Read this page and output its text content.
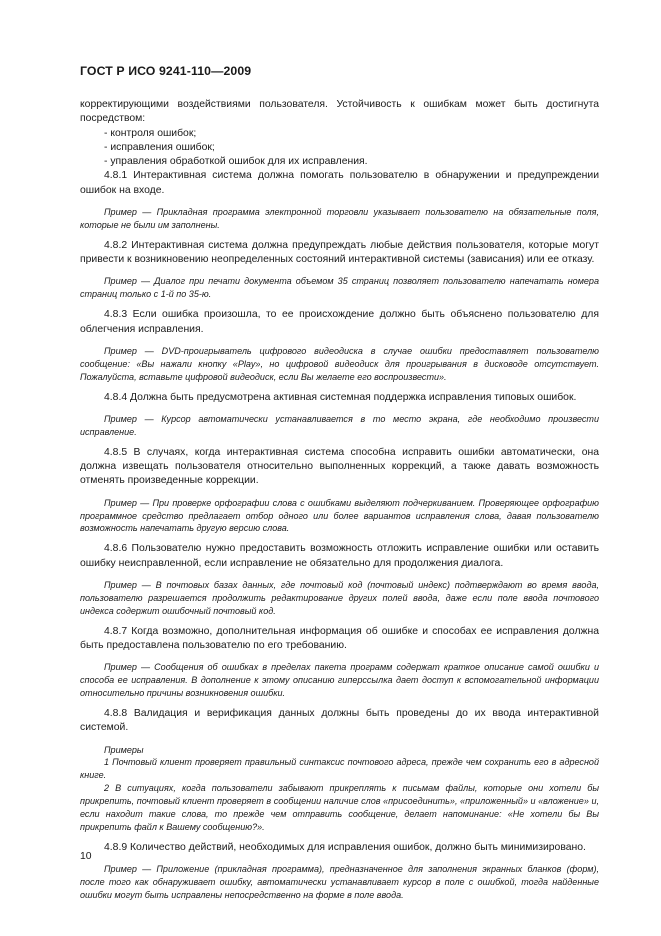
ГОСТ Р ИСО 9241-110—2009

корректирующими воздействиями пользователя. Устойчивость к ошибкам может быть достигнута посредством:

- контроля ошибок;

- исправления ошибок;

- управления обработкой ошибок для их исправления.

4.8.1 Интерактивная система должна помогать пользователю в обнаружении и предупреждении ошибок на входе.

Пример — Прикладная программа электронной торговли указывает пользователю на обязательные поля, которые не были им заполнены.

4.8.2 Интерактивная система должна предупреждать любые действия пользователя, которые могут привести к возникновению неопределенных состояний интерактивной системы (зависания) или ее отказу.

Пример — Диалог при печати документа объемом 35 страниц позволяет пользователю напечатать номера страниц только с 1-й по 35-ю.

4.8.3 Если ошибка произошла, то ее происхождение должно быть объяснено пользователю для облегчения исправления.

Пример — DVD-проигрыватель цифрового видеодиска в случае ошибки предоставляет пользователю сообщение: «Вы нажали кнопку «Play», но цифровой видеодиск для проигрывания в дисководе отсутствует. Пожалуйста, вставьте цифровой видеодиск, если Вы желаете его воспроизвести».

4.8.4 Должна быть предусмотрена активная системная поддержка исправления типовых ошибок.

Пример — Курсор автоматически устанавливается в то место экрана, где необходимо произвести исправление.

4.8.5 В случаях, когда интерактивная система способна исправить ошибки автоматически, она должна извещать пользователя относительно выполненных коррекций, а также давать возможность отменять произведенные коррекции.

Пример — При проверке орфографии слова с ошибками выделяют подчеркиванием. Проверяющее орфографию программное средство предлагает отбор одного или более вариантов исправления слова, давая пользователю возможность напечатать другую версию слова.

4.8.6 Пользователю нужно предоставить возможность отложить исправление ошибки или оставить ошибку неисправленной, если исправление не обязательно для продолжения диалога.

Пример — В почтовых базах данных, где почтовый код (почтовый индекс) подтверждают во время ввода, пользователю разрешается продолжить редактирование других полей ввода, даже если поле ввода почтового индекса содержит ошибочный почтовый код.

4.8.7 Когда возможно, дополнительная информация об ошибке и способах ее исправления должна быть предоставлена пользователю по его требованию.

Пример — Сообщения об ошибках в пределах пакета программ содержат краткое описание самой ошибки и способа ее исправления. В дополнение к этому описанию гиперссылка дает доступ к вспомогательной информации относительно причины возникновения ошибки.

4.8.8 Валидация и верификация данных должны быть проведены до их ввода интерактивной системой.

Примеры

1 Почтовый клиент проверяет правильный синтаксис почтового адреса, прежде чем сохранить его в адресной книге.

2 В ситуациях, когда пользователи забывают прикреплять к письмам файлы, которые они хотели бы прикрепить, почтовый клиент проверяет в сообщении наличие слов «присоединить», «приложенный» и «вложение» и, если находит такие слова, то прежде чем отправить сообщение, делает напоминание: «Не хотели бы Вы прикрепить файл к Вашему сообщению?».

4.8.9 Количество действий, необходимых для исправления ошибок, должно быть минимизировано.

Пример — Приложение (прикладная программа), предназначенное для заполнения экранных бланков (форм), после того как обнаруживает ошибку, автоматически устанавливает курсор в поле с ошибкой, тогда найденные ошибки могут быть исправлены непосредственно на форме в поле ввода.

10
